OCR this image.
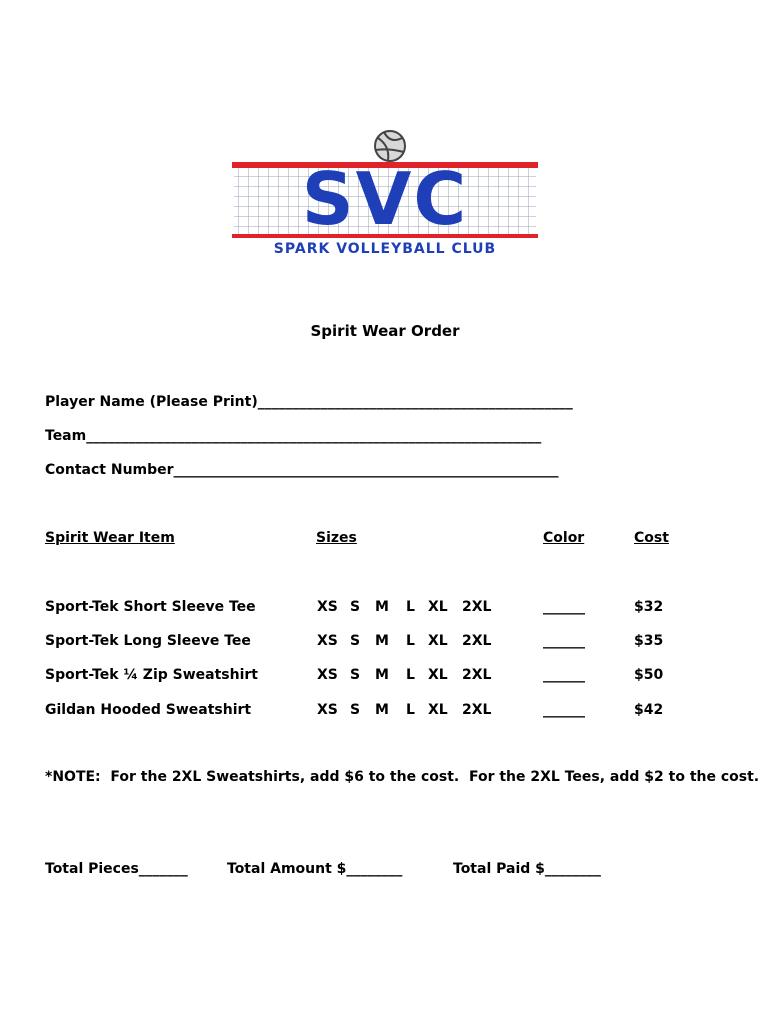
SVC
SPARK VOLLEYBALL CLUB
Spirit Wear Order
Player Name (Please Print)_____________________________________________
Team_________________________________________________________________
Contact Number_______________________________________________________
Spirit Wear Item	Sizes	Color	Cost
Sport-Tek Short Sleeve Tee	XS S M L XL 2XL	______	$32
Sport-Tek Long Sleeve Tee	XS S M L XL 2XL	______	$35
Sport-Tek ¼ Zip Sweatshirt	XS S M L XL 2XL	______	$50
Gildan Hooded Sweatshirt	XS S M L XL 2XL	______	$42
*NOTE:  For the 2XL Sweatshirts, add $6 to the cost.  For the 2XL Tees, add $2 to the cost.
Total Pieces_______	Total Amount $________	Total Paid $________
